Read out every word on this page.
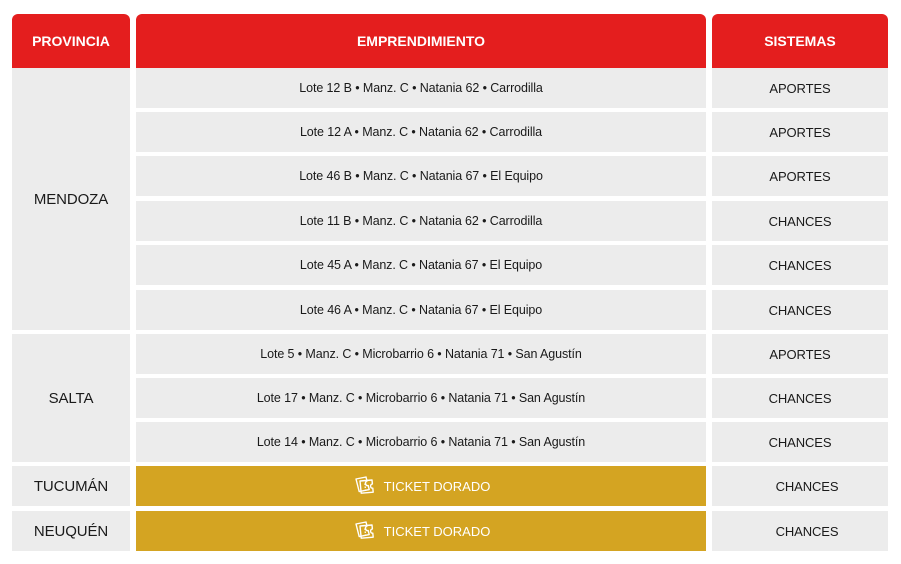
PROVINCIA	EMPRENDIMIENTO	SISTEMAS
MENDOZA
SALTA
TUCUMÁN
NEUQUÉN
Lote 12 B • Manz. C • Natania 62 • Carrodilla
Lote 12 A • Manz. C • Natania 62 • Carrodilla
Lote 46 B • Manz. C • Natania 67 • El Equipo
Lote 11 B • Manz. C • Natania 62 • Carrodilla
Lote 45 A • Manz. C • Natania 67 • El Equipo
Lote 46 A • Manz. C • Natania 67 • El Equipo
Lote 5 • Manz. C • Microbarrio 6 • Natania 71 • San Agustín
Lote 17 • Manz. C • Microbarrio 6 • Natania 71 • San Agustín
Lote 14 • Manz. C • Microbarrio 6 • Natania 71 • San Agustín
TICKET DORADO
TICKET DORADO
APORTES
APORTES
APORTES
CHANCES
CHANCES
CHANCES
APORTES
CHANCES
CHANCES
CHANCES
CHANCES
